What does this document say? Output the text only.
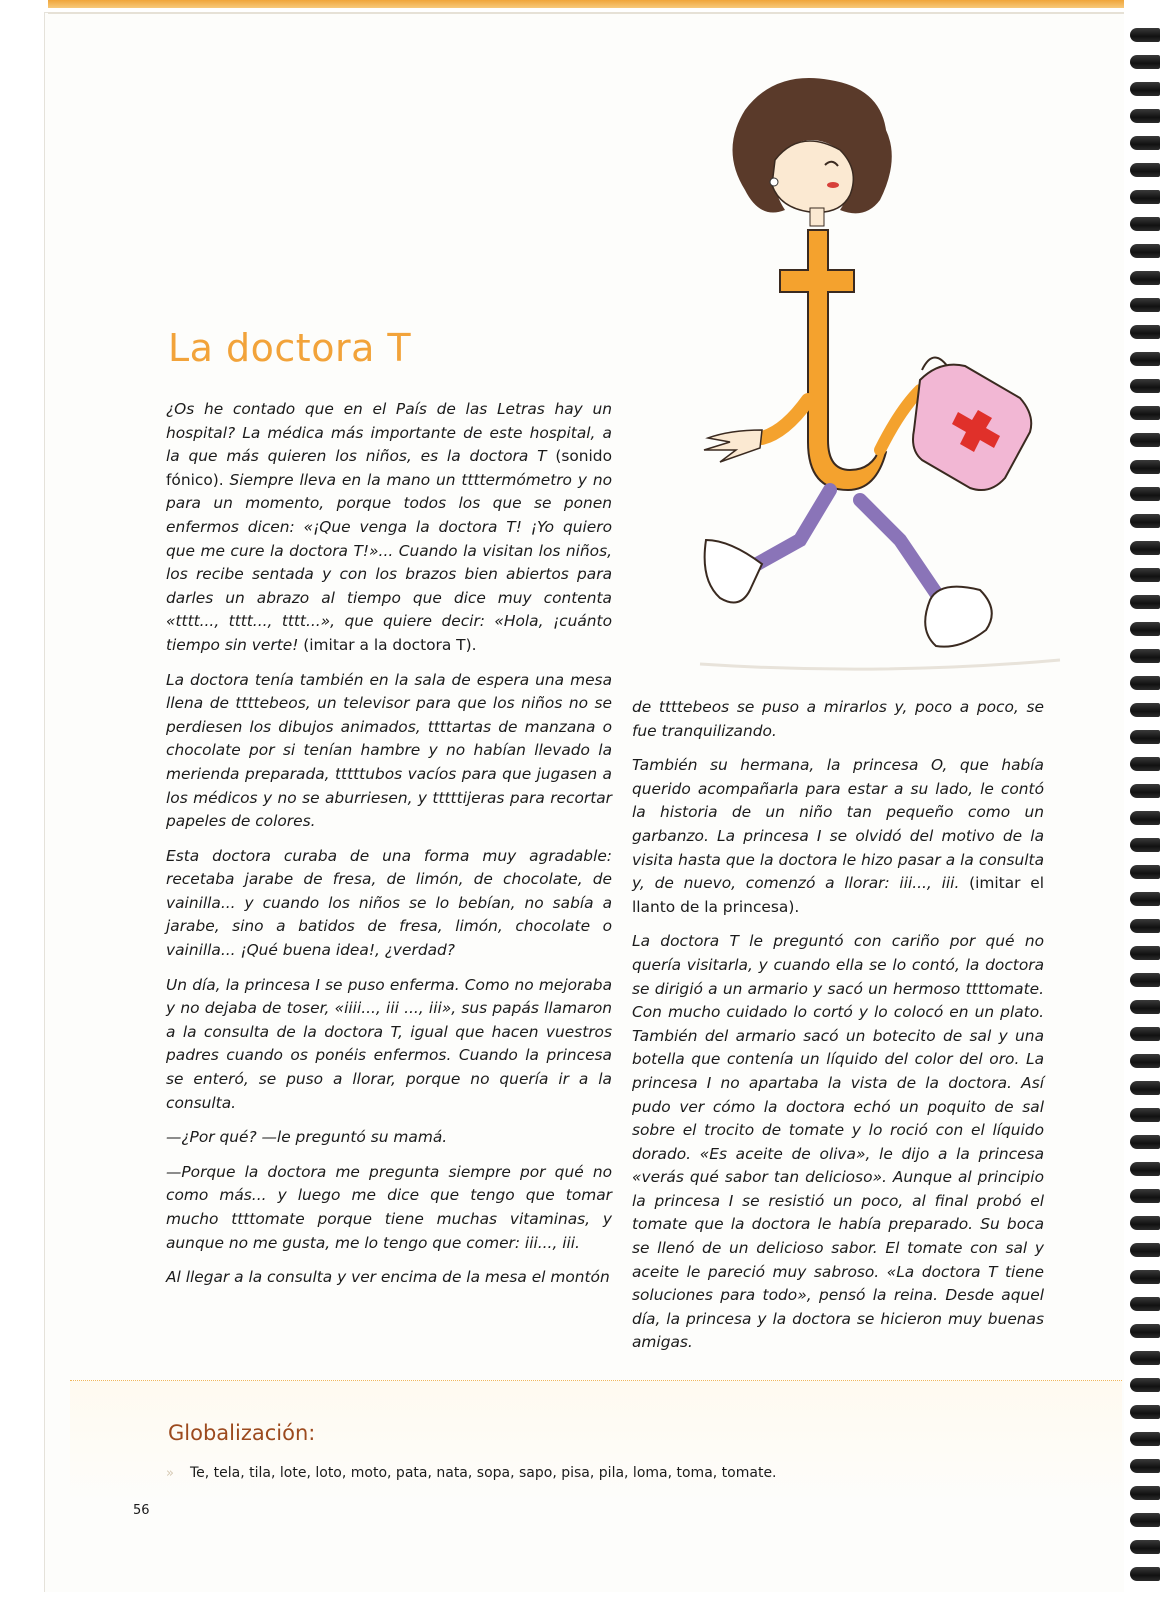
La doctora T

¿Os he contado que en el País de las Letras hay un hospital? La médica más importante de este hospital, a la que más quieren los niños, es la doctora T (sonido fónico). Siempre lleva en la mano un ttttermómetro y no para un momento, porque todos los que se ponen enfermos dicen: «¡Que venga la doctora T! ¡Yo quiero que me cure la doctora T!»... Cuando la visitan los niños, los recibe sentada y con los brazos bien abiertos para darles un abrazo al tiempo que dice muy contenta «tttt..., tttt..., tttt...», que quiere decir: «Hola, ¡cuánto tiempo sin verte! (imitar a la doctora T).

La doctora tenía también en la sala de espera una mesa llena de ttttebeos, un televisor para que los niños no se perdiesen los dibujos animados, ttttartas de manzana o chocolate por si tenían hambre y no habían llevado la merienda preparada, tttttubos vacíos para que jugasen a los médicos y no se aburriesen, y tttttijeras para recortar papeles de colores.

Esta doctora curaba de una forma muy agradable: recetaba jarabe de fresa, de limón, de chocolate, de vainilla... y cuando los niños se lo bebían, no sabía a jarabe, sino a batidos de fresa, limón, chocolate o vainilla... ¡Qué buena idea!, ¿verdad?

Un día, la princesa I se puso enferma. Como no mejoraba y no dejaba de toser, «iiii..., iii ..., iii», sus papás llamaron a la consulta de la doctora T, igual que hacen vuestros padres cuando os ponéis enfermos. Cuando la princesa se enteró, se puso a llorar, porque no quería ir a la consulta.

—¿Por qué? —le preguntó su mamá.

—Porque la doctora me pregunta siempre por qué no como más... y luego me dice que tengo que tomar mucho ttttomate porque tiene muchas vitaminas, y aunque no me gusta, me lo tengo que comer: iii..., iii.

Al llegar a la consulta y ver encima de la mesa el montón

de ttttebeos se puso a mirarlos y, poco a poco, se fue tranquilizando.

También su hermana, la princesa O, que había querido acompañarla para estar a su lado, le contó la historia de un niño tan pequeño como un garbanzo. La princesa I se olvidó del motivo de la visita hasta que la doctora le hizo pasar a la consulta y, de nuevo, comenzó a llorar: iii..., iii. (imitar el llanto de la princesa).

La doctora T le preguntó con cariño por qué no quería visitarla, y cuando ella se lo contó, la doctora se dirigió a un armario y sacó un hermoso ttttomate. Con mucho cuidado lo cortó y lo colocó en un plato. También del armario sacó un botecito de sal y una botella que contenía un líquido del color del oro. La princesa I no apartaba la vista de la doctora. Así pudo ver cómo la doctora echó un poquito de sal sobre el trocito de tomate y lo roció con el líquido dorado. «Es aceite de oliva», le dijo a la princesa «verás qué sabor tan delicioso». Aunque al principio la princesa I se resistió un poco, al final probó el tomate que la doctora le había preparado. Su boca se llenó de un delicioso sabor. El tomate con sal y aceite le pareció muy sabroso. «La doctora T tiene soluciones para todo», pensó la reina. Desde aquel día, la princesa y la doctora se hicieron muy buenas amigas.

Globalización:
» Te, tela, tila, lote, loto, moto, pata, nata, sopa, sapo, pisa, pila, loma, toma, tomate.
56
